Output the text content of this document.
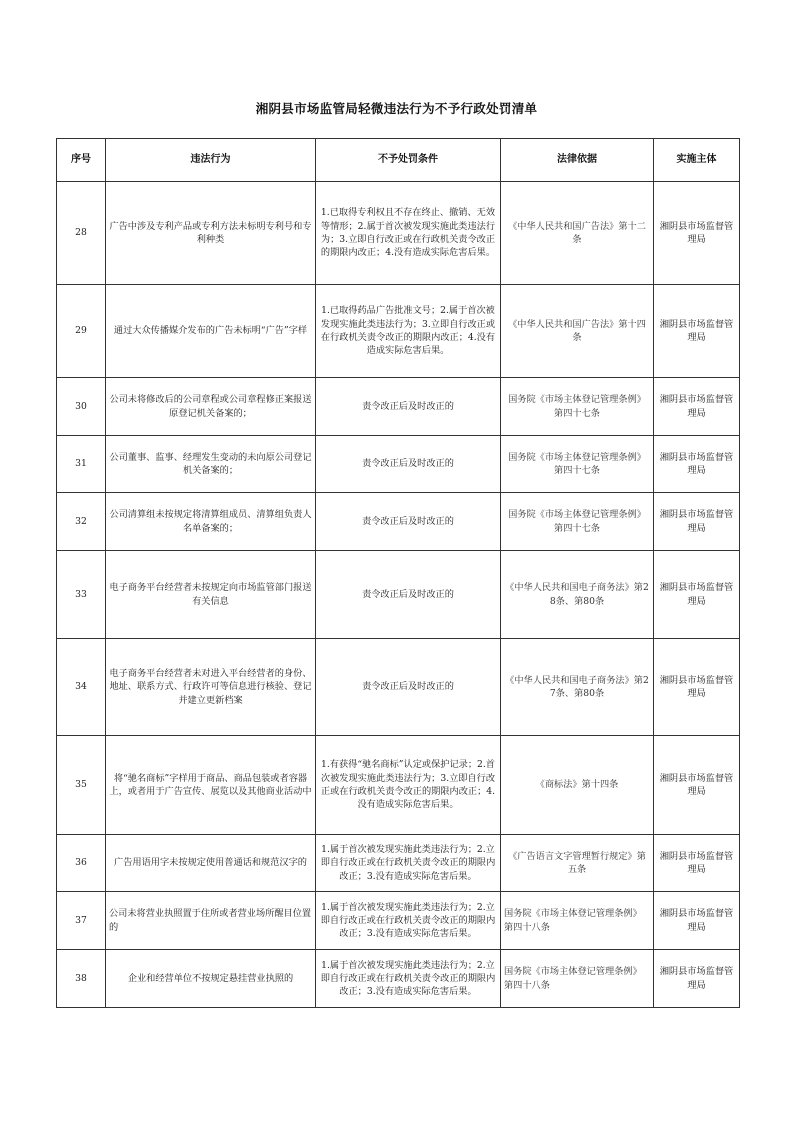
湘阴县市场监管局轻微违法行为不予行政处罚清单
序号	违法行为	不予处罚条件	法律依据	实施主体
28	广告中涉及专利产品或专利方法未标明专利号和专利种类	1.已取得专利权且不存在终止、撤销、无效等情形；2.属于首次被发现实施此类违法行为；3.立即自行改正或在行政机关责令改正的期限内改正；4.没有造成实际危害后果。	《中华人民共和国广告法》第十二条	湘阴县市场监督管理局
29	通过大众传播媒介发布的广告未标明“广告”字样	1.已取得药品广告批准文号；2.属于首次被发现实施此类违法行为；3.立即自行改正或在行政机关责令改正的期限内改正；4.没有造成实际危害后果。	《中华人民共和国广告法》第十四条	湘阴县市场监督管理局
30	公司未将修改后的公司章程或公司章程修正案报送原登记机关备案的；	责令改正后及时改正的	国务院《市场主体登记管理条例》第四十七条	湘阴县市场监督管理局
31	公司董事、监事、经理发生变动的未向原公司登记机关备案的；	责令改正后及时改正的	国务院《市场主体登记管理条例》第四十七条	湘阴县市场监督管理局
32	公司清算组未按规定将清算组成员、清算组负责人名单备案的；	责令改正后及时改正的	国务院《市场主体登记管理条例》第四十七条	湘阴县市场监督管理局
33	电子商务平台经营者未按规定向市场监管部门报送有关信息	责令改正后及时改正的	《中华人民共和国电子商务法》第28条、第80条	湘阴县市场监督管理局
34	电子商务平台经营者未对进入平台经营者的身份、地址、联系方式、行政许可等信息进行核验、登记并建立更新档案	责令改正后及时改正的	《中华人民共和国电子商务法》第27条、第80条	湘阴县市场监督管理局
35	将“驰名商标”字样用于商品、商品包装或者容器上，或者用于广告宣传、展览以及其他商业活动中	1.有获得“驰名商标”认定或保护记录；2.首次被发现实施此类违法行为；3.立即自行改正或在行政机关责令改正的期限内改正；4.没有造成实际危害后果。	《商标法》第十四条	湘阴县市场监督管理局
36	广告用语用字未按规定使用普通话和规范汉字的	1.属于首次被发现实施此类违法行为；2.立即自行改正或在行政机关责令改正的期限内改正；3.没有造成实际危害后果。	《广告语言文字管理暂行规定》第五条	湘阴县市场监督管理局
37	公司未将营业执照置于住所或者营业场所醒目位置的	1.属于首次被发现实施此类违法行为；2.立即自行改正或在行政机关责令改正的期限内改正；3.没有造成实际危害后果。	国务院《市场主体登记管理条例》第四十八条	湘阴县市场监督管理局
38	企业和经营单位不按规定悬挂营业执照的	1.属于首次被发现实施此类违法行为；2.立即自行改正或在行政机关责令改正的期限内改正；3.没有造成实际危害后果。	国务院《市场主体登记管理条例》第四十八条	湘阴县市场监督管理局
